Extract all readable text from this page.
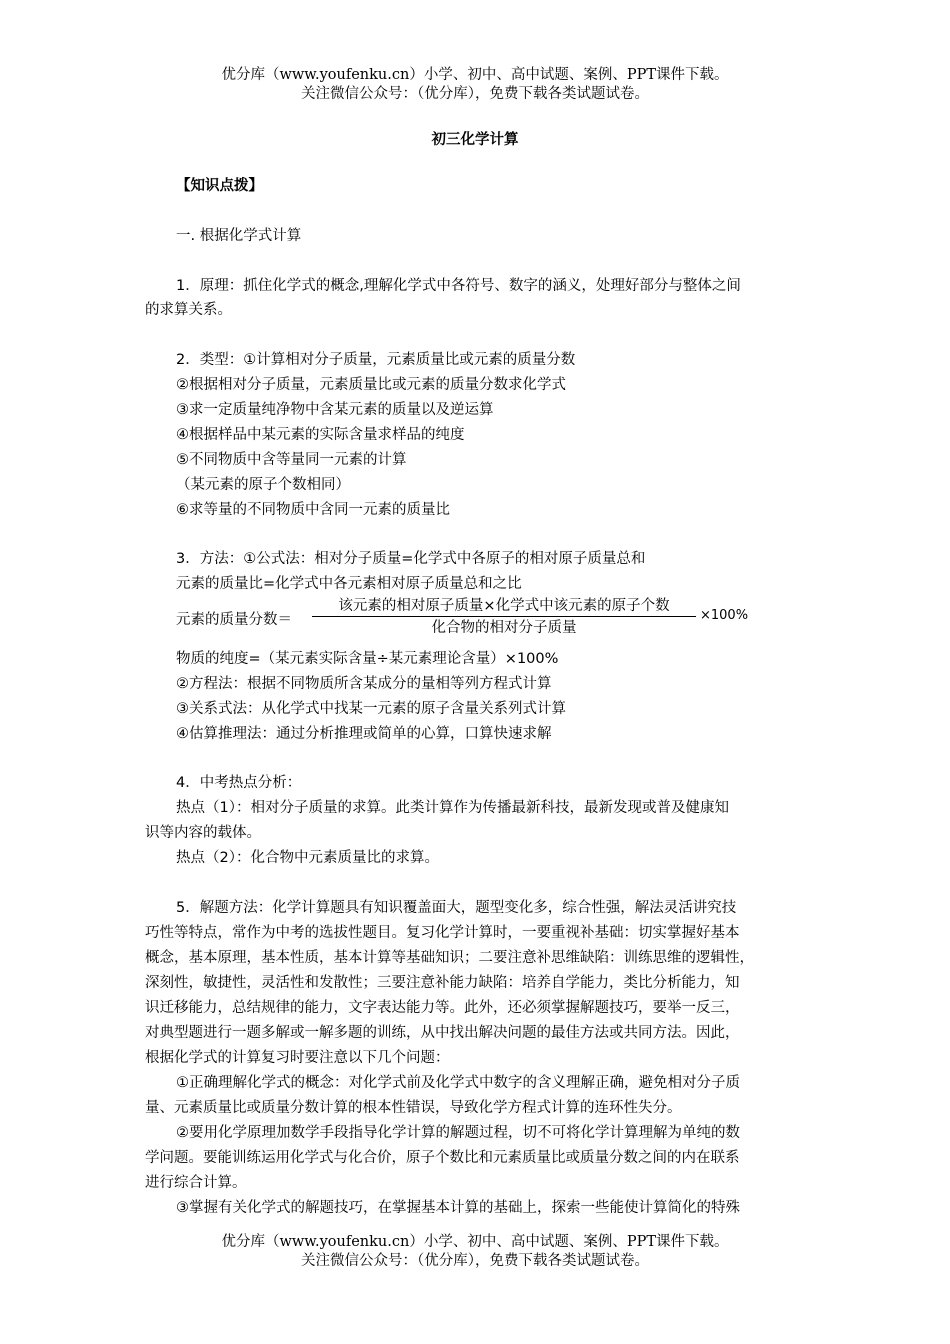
优分库（www.youfenku.cn）小学、初中、高中试题、案例、PPT课件下载。
关注微信公众号：（优分库），免费下载各类试题试卷。
初三化学计算
【知识点拨】
一. 根据化学式计算
1．原理：抓住化学式的概念,理解化学式中各符号、数字的涵义，处理好部分与整体之间
的求算关系。
2．类型：①计算相对分子质量，元素质量比或元素的质量分数
②根据相对分子质量，元素质量比或元素的质量分数求化学式
③求一定质量纯净物中含某元素的质量以及逆运算
④根据样品中某元素的实际含量求样品的纯度
⑤不同物质中含等量同一元素的计算
（某元素的原子个数相同）
⑥求等量的不同物质中含同一元素的质量比
3．方法：①公式法：相对分子质量=化学式中各原子的相对原子质量总和
元素的质量比=化学式中各元素相对原子质量总和之比
元素的质量分数＝
该元素的相对原子质量×化学式中该元素的原子个数
化合物的相对分子质量
×100%
物质的纯度=（某元素实际含量÷某元素理论含量）×100%
②方程法：根据不同物质所含某成分的量相等列方程式计算
③关系式法：从化学式中找某一元素的原子含量关系列式计算
④估算推理法：通过分析推理或简单的心算，口算快速求解
4．中考热点分析：
热点（1）：相对分子质量的求算。此类计算作为传播最新科技，最新发现或普及健康知
识等内容的载体。
热点（2）：化合物中元素质量比的求算。
5．解题方法：化学计算题具有知识覆盖面大，题型变化多，综合性强，解法灵活讲究技
巧性等特点，常作为中考的选拔性题目。复习化学计算时，一要重视补基础：切实掌握好基本
概念，基本原理，基本性质，基本计算等基础知识；二要注意补思维缺陷：训练思维的逻辑性，
深刻性，敏捷性，灵活性和发散性；三要注意补能力缺陷：培养自学能力，类比分析能力，知
识迁移能力，总结规律的能力，文字表达能力等。此外，还必须掌握解题技巧，要举一反三，
对典型题进行一题多解或一解多题的训练，从中找出解决问题的最佳方法或共同方法。因此，
根据化学式的计算复习时要注意以下几个问题：
①正确理解化学式的概念：对化学式前及化学式中数字的含义理解正确，避免相对分子质
量、元素质量比或质量分数计算的根本性错误，导致化学方程式计算的连环性失分。
②要用化学原理加数学手段指导化学计算的解题过程，切不可将化学计算理解为单纯的数
学问题。要能训练运用化学式与化合价，原子个数比和元素质量比或质量分数之间的内在联系
进行综合计算。
③掌握有关化学式的解题技巧，在掌握基本计算的基础上，探索一些能使计算简化的特殊
优分库（www.youfenku.cn）小学、初中、高中试题、案例、PPT课件下载。
关注微信公众号：（优分库），免费下载各类试题试卷。
